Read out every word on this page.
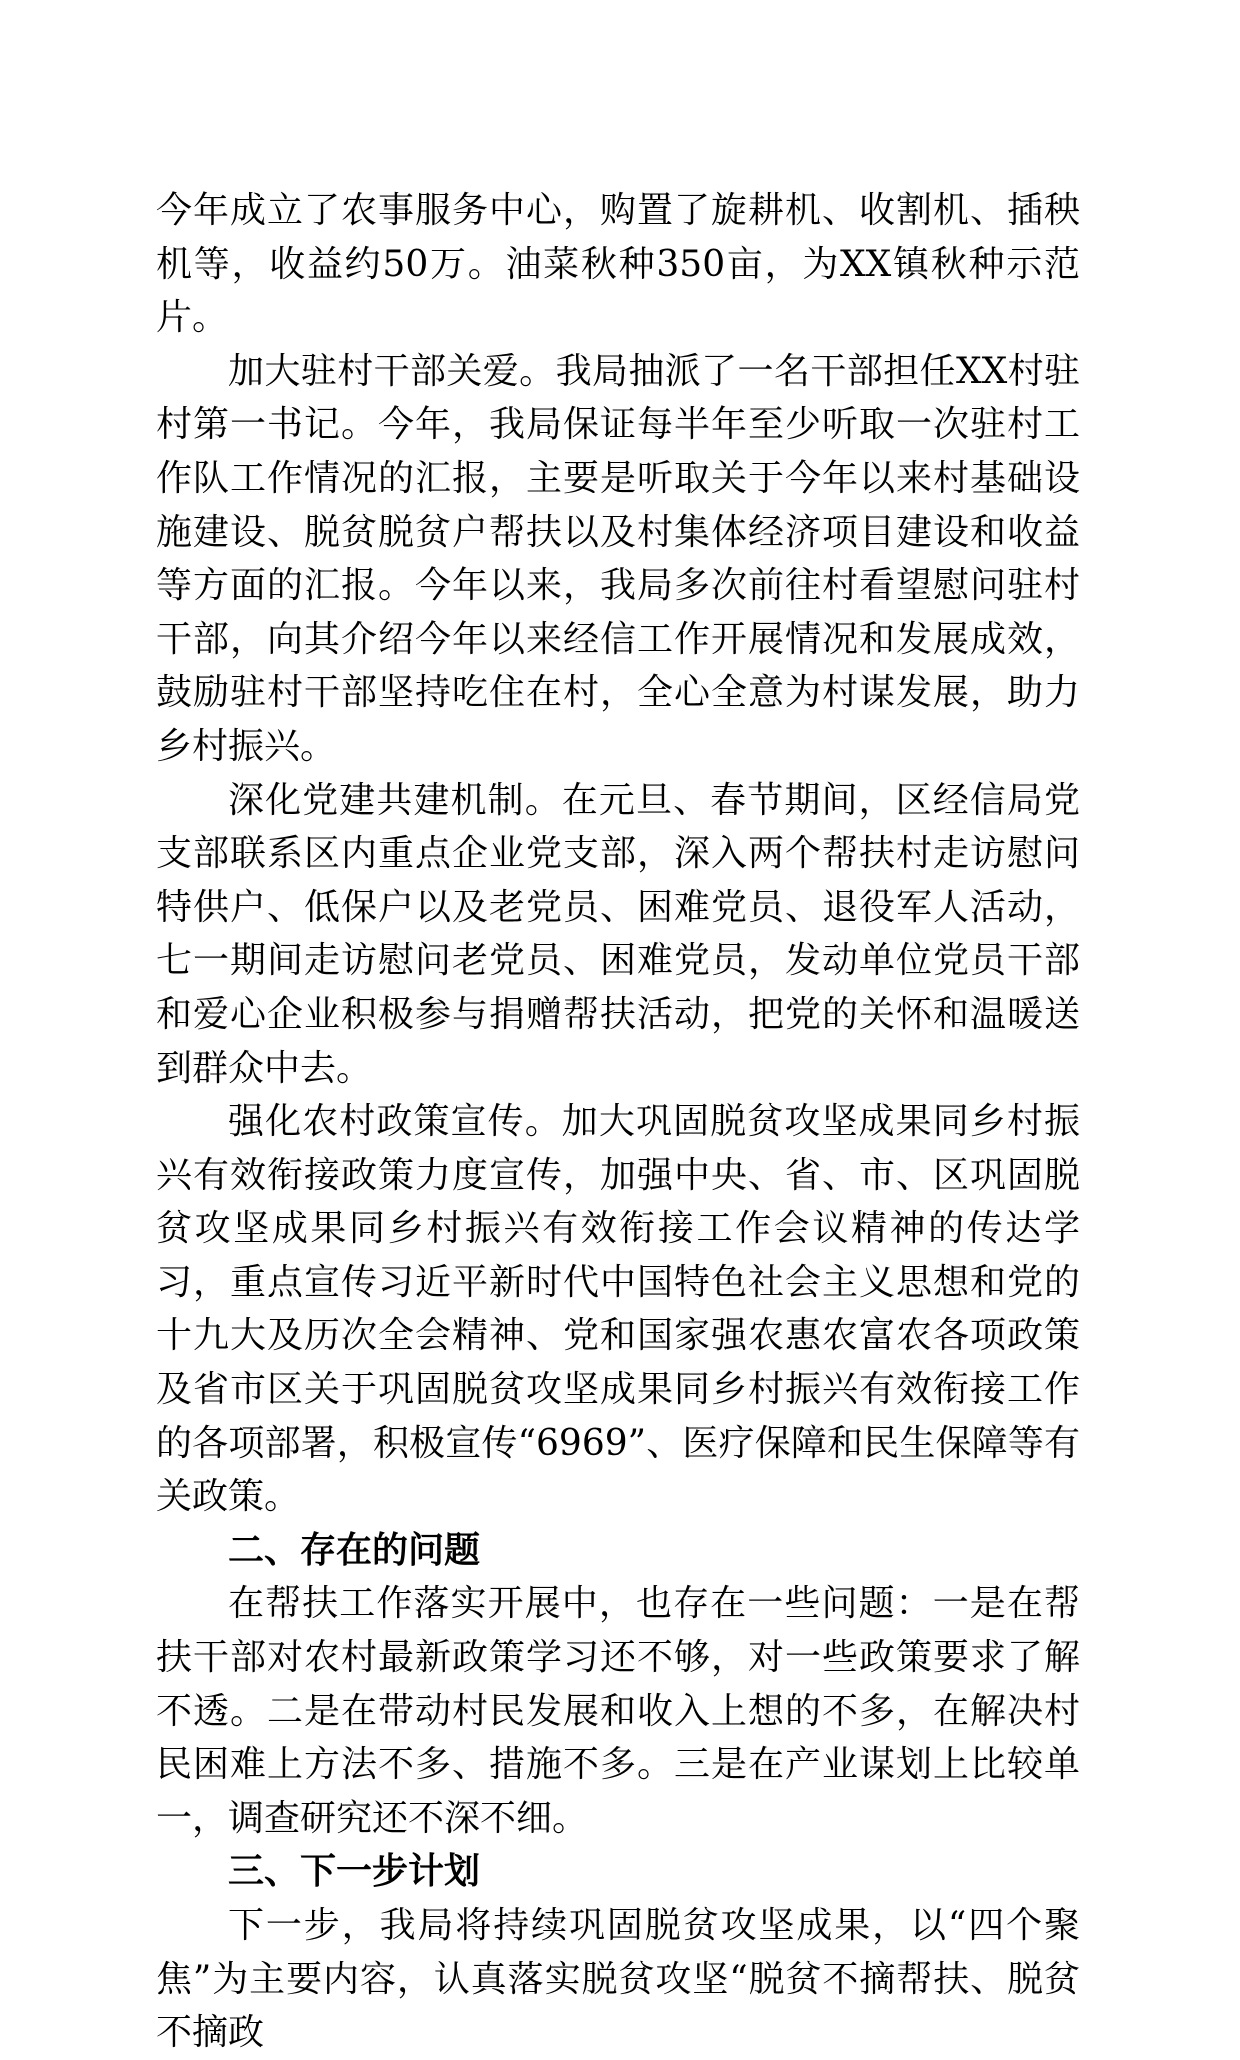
今年成立了农事服务中心，购置了旋耕机、收割机、插秧机等，收益约50万。油菜秋种350亩，为XX镇秋种示范片。

加大驻村干部关爱。我局抽派了一名干部担任XX村驻村第一书记。今年，我局保证每半年至少听取一次驻村工作队工作情况的汇报，主要是听取关于今年以来村基础设施建设、脱贫脱贫户帮扶以及村集体经济项目建设和收益等方面的汇报。今年以来，我局多次前往村看望慰问驻村干部，向其介绍今年以来经信工作开展情况和发展成效，鼓励驻村干部坚持吃住在村，全心全意为村谋发展，助力乡村振兴。

深化党建共建机制。在元旦、春节期间，区经信局党支部联系区内重点企业党支部，深入两个帮扶村走访慰问特供户、低保户以及老党员、困难党员、退役军人活动，七一期间走访慰问老党员、困难党员，发动单位党员干部和爱心企业积极参与捐赠帮扶活动，把党的关怀和温暖送到群众中去。

强化农村政策宣传。加大巩固脱贫攻坚成果同乡村振兴有效衔接政策力度宣传，加强中央、省、市、区巩固脱贫攻坚成果同乡村振兴有效衔接工作会议精神的传达学习，重点宣传习近平新时代中国特色社会主义思想和党的十九大及历次全会精神、党和国家强农惠农富农各项政策及省市区关于巩固脱贫攻坚成果同乡村振兴有效衔接工作的各项部署，积极宣传“6969”、医疗保障和民生保障等有关政策。

二、存在的问题

在帮扶工作落实开展中，也存在一些问题：一是在帮扶干部对农村最新政策学习还不够，对一些政策要求了解不透。二是在带动村民发展和收入上想的不多，在解决村民困难上方法不多、措施不多。三是在产业谋划上比较单一，调查研究还不深不细。

三、下一步计划

下一步，我局将持续巩固脱贫攻坚成果，以“四个聚焦”为主要内容，认真落实脱贫攻坚“脱贫不摘帮扶、脱贫不摘政
